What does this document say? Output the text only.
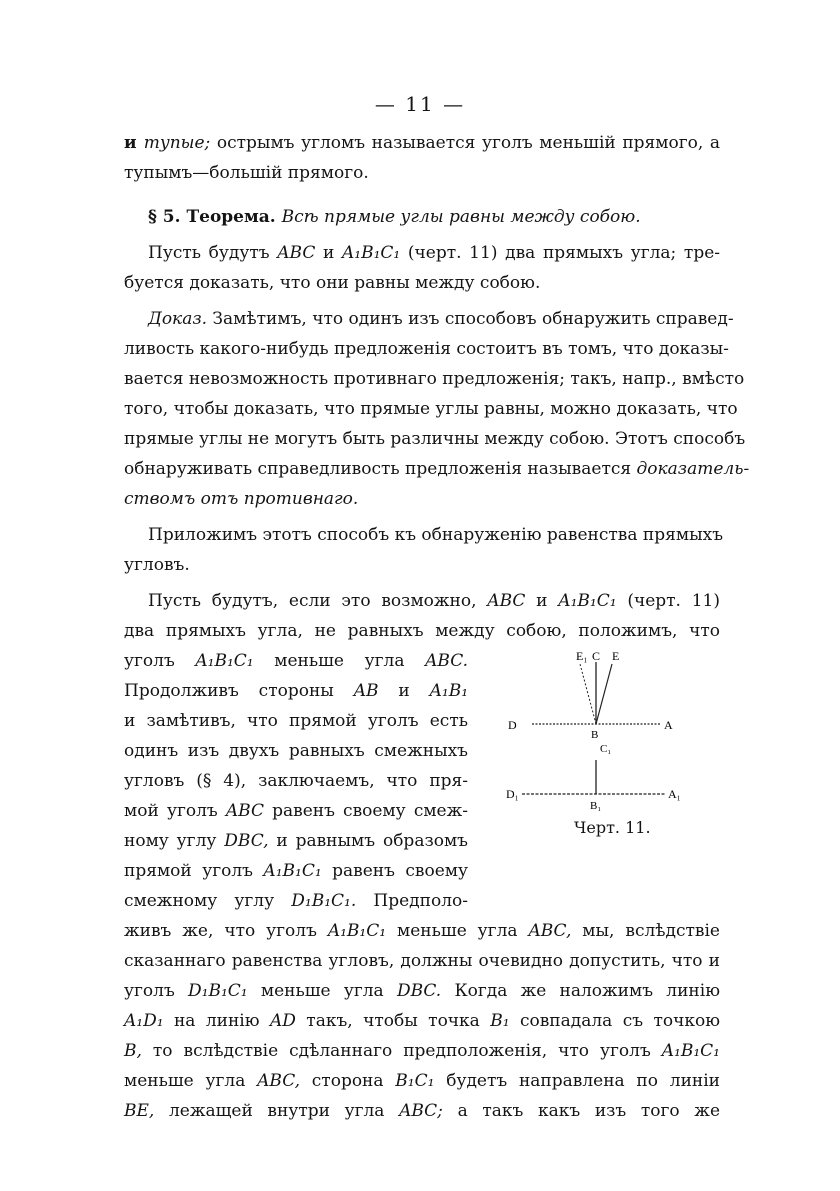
— 11 —
и тупые; острымъ угломъ называется уголъ меньшій прямого, а
тупымъ—большій прямого.
§ 5. Теорема. Всѣ прямые углы равны между собою.
Пусть будутъ ABC и A₁B₁C₁ (черт. 11) два прямыхъ угла; тре-
буется доказать, что они равны между собою.
Доказ. Замѣтимъ, что одинъ изъ способовъ обнаружить справед-
ливость какого-нибудь предложенія состоитъ въ томъ, что доказы-
вается невозможность противнаго предложенія; такъ, напр., вмѣсто
того, чтобы доказать, что прямые углы равны, можно доказать, что
прямые углы не могутъ быть различны между собою. Этотъ способъ
обнаруживать справедливость предложенія называется доказатель-
ствомъ отъ противнаго.
Приложимъ этотъ способъ къ обнаруженію равенства прямыхъ
угловъ.
Пусть будутъ, если это возможно, ABC и A₁B₁C₁ (черт. 11)
два прямыхъ угла, не равныхъ между собою, положимъ, что
уголъ A₁B₁C₁ меньше угла ABC.
Продолживъ стороны AB и A₁B₁
и замѣтивъ, что прямой уголъ есть
одинъ изъ двухъ равныхъ смежныхъ
угловъ (§ 4), заключаемъ, что пря-
мой уголъ ABC равенъ своему смеж-
ному углу DBC, и равнымъ образомъ
прямой уголъ A₁B₁C₁ равенъ своему
смежному углу D₁B₁C₁. Предполо-
живъ же, что уголъ A₁B₁C₁ меньше угла ABC, мы, вслѣдствіе
сказаннаго равенства угловъ, должны очевидно допустить, что и
уголъ D₁B₁C₁ меньше угла DBC. Когда же наложимъ линію
A₁D₁ на линію AD такъ, чтобы точка B₁ совпадала съ точкою
B, то вслѣдствіе сдѣланнаго предположенія, что уголъ A₁B₁C₁
меньше угла ABC, сторона B₁C₁ будетъ направлена по линіи
BE, лежащей внутри угла ABC; а такъ какъ изъ того же
E₁ C E
D	A
B
C₁
D₁
B₁
A₁
Черт. 11.
